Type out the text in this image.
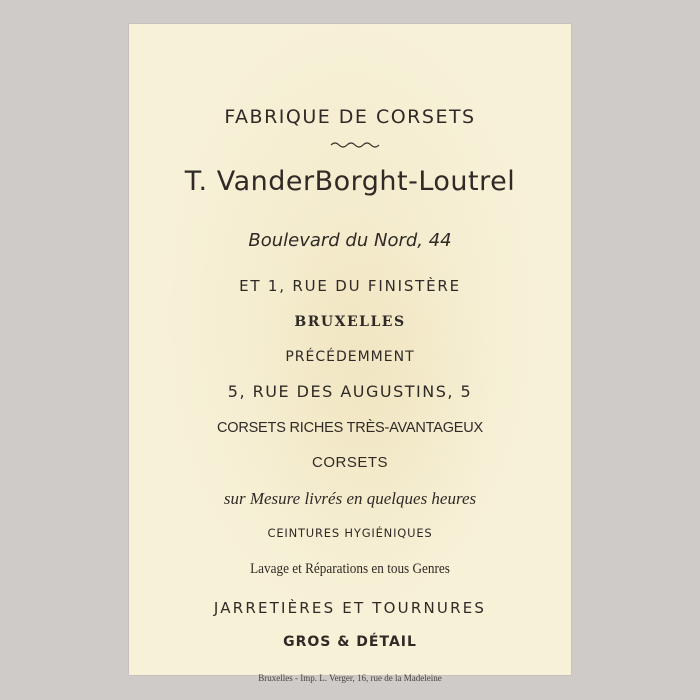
FABRIQUE DE CORSETS
T. VanderBorght-Loutrel
Boulevard du Nord, 44
ET 1, RUE DU FINISTÈRE
BRUXELLES
PRÉCÉDEMMENT
5, RUE DES AUGUSTINS, 5
CORSETS RICHES TRÈS-AVANTAGEUX
CORSETS
sur Mesure livrés en quelques heures
CEINTURES HYGIÉNIQUES
Lavage et Réparations en tous Genres
JARRETIÈRES ET TOURNURES
GROS & DÉTAIL
Bruxelles - Imp. L. Verger, 16, rue de la Madeleine
